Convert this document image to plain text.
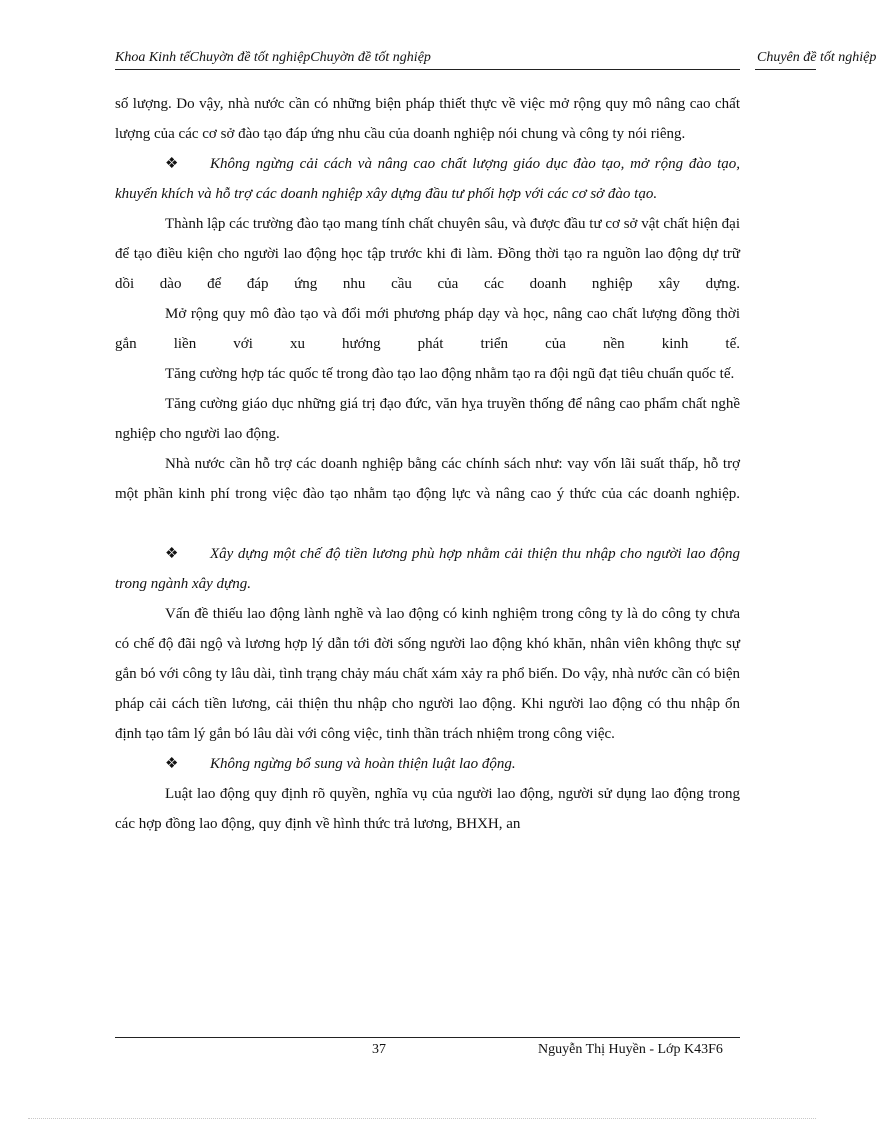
Khoa Kinh tếChuyờn đề tốt nghiệpChuyờn đề tốt nghiệp	Chuyên đề tốt nghiệp

số lượng. Do vậy, nhà nước cần có những biện pháp thiết thực về việc mở rộng quy mô nâng cao chất lượng của các cơ sở đào tạo đáp ứng nhu cầu của doanh nghiệp nói chung và công ty nói riêng.

❖ Không ngừng cải cách và nâng cao chất lượng giáo dục đào tạo, mở rộng đào tạo, khuyến khích và hỗ trợ các doanh nghiệp xây dựng đầu tư phối hợp với các cơ sở đào tạo.

Thành lập các trường đào tạo mang tính chất chuyên sâu, và được đầu tư cơ sở vật chất hiện đại để tạo điều kiện cho người lao động học tập trước khi đi làm. Đồng thời tạo ra nguồn lao động dự trữ dồi dào để đáp ứng nhu cầu của các doanh nghiệp xây dựng.

Mở rộng quy mô đào tạo và đổi mới phương pháp dạy và học, nâng cao chất lượng đồng thời gắn liền với xu hướng phát triển của nền kinh tế.

Tăng cường hợp tác quốc tế trong đào tạo lao động nhằm tạo ra đội ngũ đạt tiêu chuẩn quốc tế.

Tăng cường giáo dục những giá trị đạo đức, văn hỵa truyền thống để nâng cao phẩm chất nghề nghiệp cho người lao động.

Nhà nước cần hỗ trợ các doanh nghiệp bằng các chính sách như: vay vốn lãi suất thấp, hỗ trợ một phần kinh phí trong việc đào tạo nhằm tạo động lực và nâng cao ý thức của các doanh nghiệp.

❖ Xây dựng một chế độ tiền lương phù hợp nhằm cải thiện thu nhập cho người lao động trong ngành xây dựng.

Vấn đề thiếu lao động lành nghề và lao động có kinh nghiệm trong công ty là do công ty chưa có chế độ đãi ngộ và lương hợp lý dẫn tới đời sống người lao động khó khăn, nhân viên không thực sự gắn bó với công ty lâu dài, tình trạng chảy máu chất xám xảy ra phổ biến. Do vậy, nhà nước cần có biện pháp cải cách tiền lương, cải thiện thu nhập cho người lao động. Khi người lao động có thu nhập ổn định tạo tâm lý gắn bó lâu dài với công việc, tinh thần trách nhiệm trong công việc.

❖ Không ngừng bổ sung và hoàn thiện luật lao động.

Luật lao động quy định rõ quyền, nghĩa vụ của người lao động, người sử dụng lao động trong các hợp đồng lao động, quy định về hình thức trả lương, BHXH, an

37	Nguyễn Thị Huyền - Lớp K43F6
